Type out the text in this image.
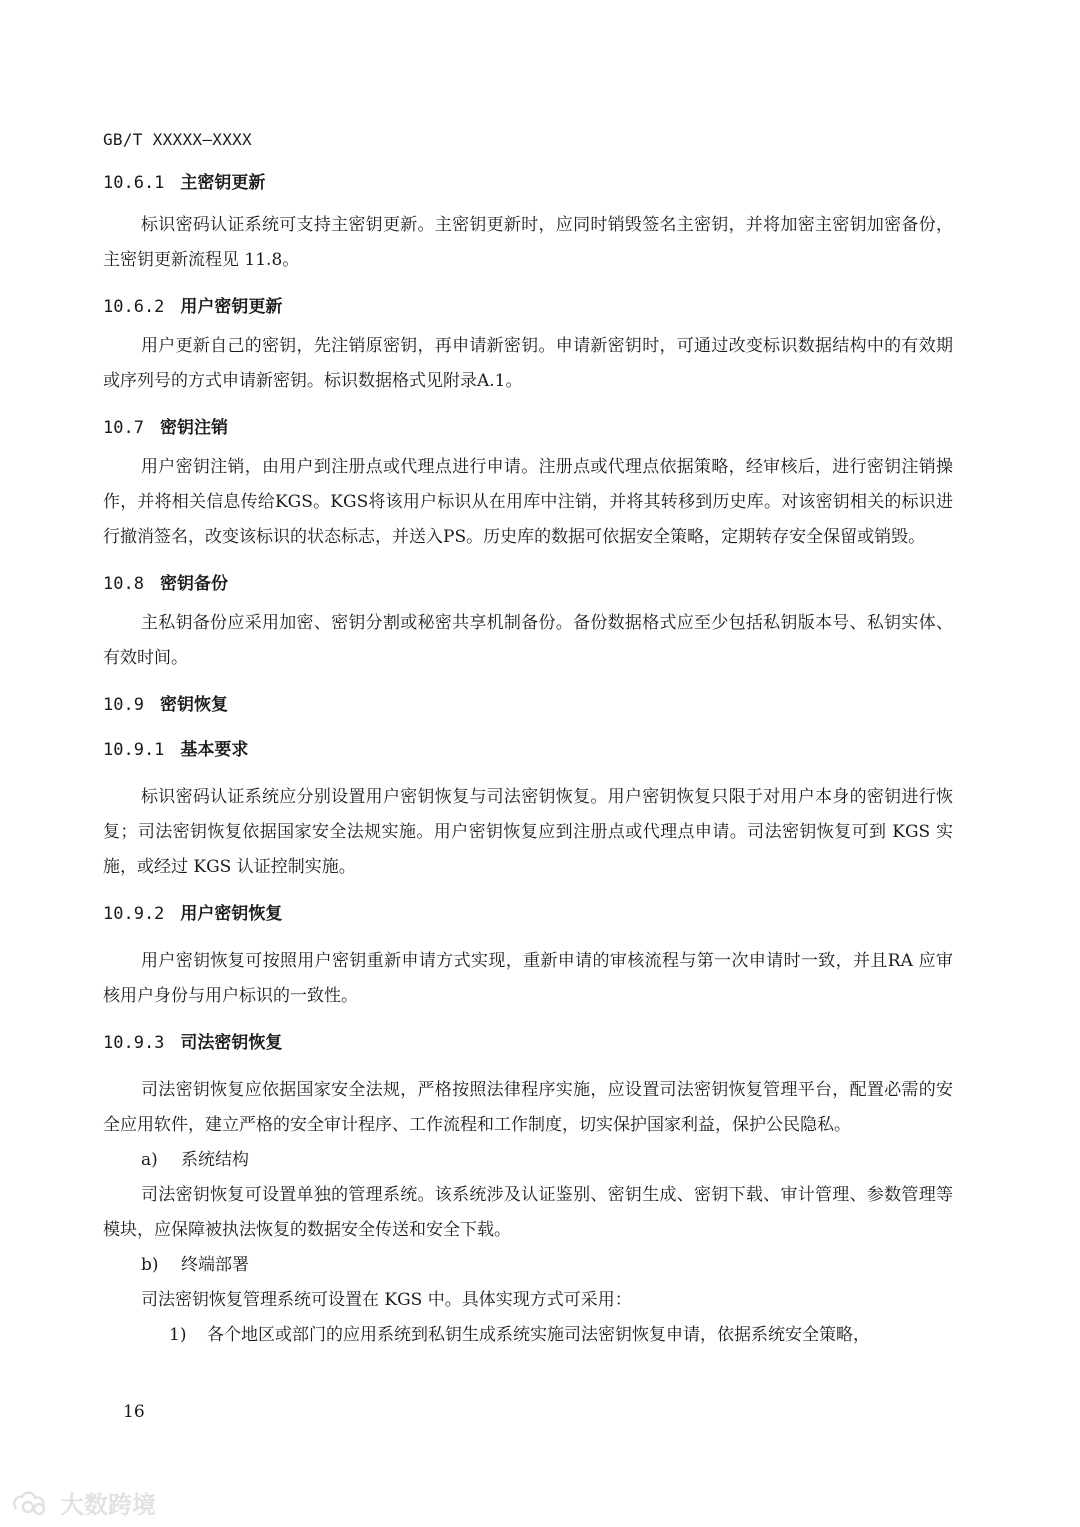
GB/T XXXXX—XXXX
10.6.1 主密钥更新
标识密码认证系统可支持主密钥更新。主密钥更新时，应同时销毁签名主密钥，并将加密主密钥加密备份，主密钥更新流程见 11.8。
10.6.2 用户密钥更新
用户更新自己的密钥，先注销原密钥，再申请新密钥。申请新密钥时，可通过改变标识数据结构中的有效期或序列号的方式申请新密钥。标识数据格式见附录A.1。
10.7 密钥注销
用户密钥注销，由用户到注册点或代理点进行申请。注册点或代理点依据策略，经审核后，进行密钥注销操作，并将相关信息传给KGS。KGS将该用户标识从在用库中注销，并将其转移到历史库。对该密钥相关的标识进行撤消签名，改变该标识的状态标志，并送入PS。历史库的数据可依据安全策略，定期转存安全保留或销毁。
10.8 密钥备份
主私钥备份应采用加密、密钥分割或秘密共享机制备份。备份数据格式应至少包括私钥版本号、私钥实体、有效时间。
10.9 密钥恢复
10.9.1 基本要求
标识密码认证系统应分别设置用户密钥恢复与司法密钥恢复。用户密钥恢复只限于对用户本身的密钥进行恢复；司法密钥恢复依据国家安全法规实施。用户密钥恢复应到注册点或代理点申请。司法密钥恢复可到 KGS 实施，或经过 KGS 认证控制实施。
10.9.2 用户密钥恢复
用户密钥恢复可按照用户密钥重新申请方式实现，重新申请的审核流程与第一次申请时一致，并且RA 应审核用户身份与用户标识的一致性。
10.9.3 司法密钥恢复
司法密钥恢复应依据国家安全法规，严格按照法律程序实施，应设置司法密钥恢复管理平台，配置必需的安全应用软件，建立严格的安全审计程序、工作流程和工作制度，切实保护国家利益，保护公民隐私。
a)	系统结构
司法密钥恢复可设置单独的管理系统。该系统涉及认证鉴别、密钥生成、密钥下载、审计管理、参数管理等模块，应保障被执法恢复的数据安全传送和安全下载。
b)	终端部署
司法密钥恢复管理系统可设置在 KGS 中。具体实现方式可采用：
1)	各个地区或部门的应用系统到私钥生成系统实施司法密钥恢复申请，依据系统安全策略，
16
大数跨境
